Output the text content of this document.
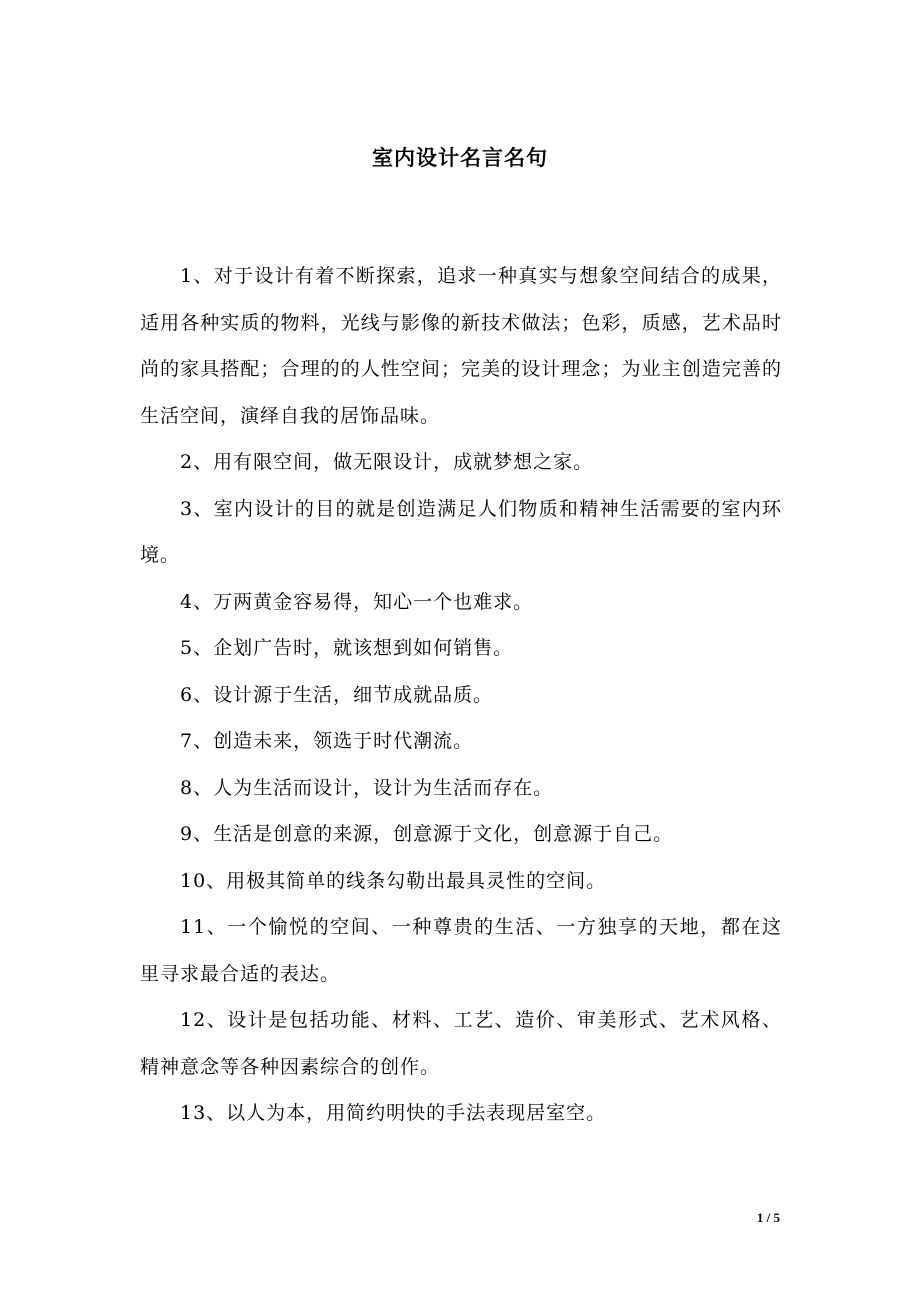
室内设计名言名句

1、对于设计有着不断探索，追求一种真实与想象空间结合的成果，适用各种实质的物料，光线与影像的新技术做法；色彩，质感，艺术品时尚的家具搭配；合理的的人性空间；完美的设计理念；为业主创造完善的生活空间，演绎自我的居饰品味。

2、用有限空间，做无限设计，成就梦想之家。

3、室内设计的目的就是创造满足人们物质和精神生活需要的室内环境。

4、万两黄金容易得，知心一个也难求。

5、企划广告时，就该想到如何销售。

6、设计源于生活，细节成就品质。

7、创造未来，领选于时代潮流。

8、人为生活而设计，设计为生活而存在。

9、生活是创意的来源，创意源于文化，创意源于自己。

10、用极其简单的线条勾勒出最具灵性的空间。

11、一个愉悦的空间、一种尊贵的生活、一方独享的天地，都在这里寻求最合适的表达。

12、设计是包括功能、材料、工艺、造价、审美形式、艺术风格、精神意念等各种因素综合的创作。

13、以人为本，用简约明快的手法表现居室空。

1 / 5
